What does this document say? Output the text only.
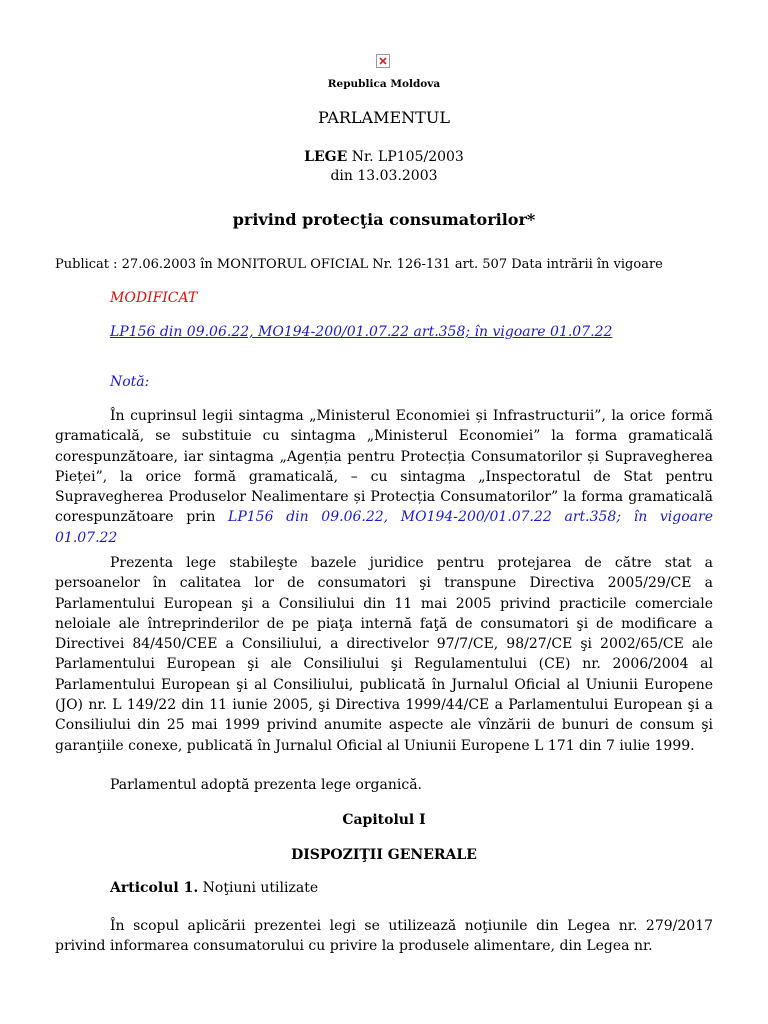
Republica Moldova
PARLAMENTUL
LEGE Nr. LP105/2003
din 13.03.2003
privind protecţia consumatorilor*
Publicat : 27.06.2003 în MONITORUL OFICIAL Nr. 126-131 art. 507 Data intrării în vigoare
MODIFICAT
LP156 din 09.06.22, MO194-200/01.07.22 art.358; în vigoare 01.07.22
Notă:
În cuprinsul legii sintagma „Ministerul Economiei și Infrastructurii”, la orice formă gramaticală, se substituie cu sintagma „Ministerul Economiei” la forma gramaticală corespunzătoare, iar sintagma „Agenția pentru Protecția Consumatorilor și Supravegherea Pieței”, la orice formă gramaticală, – cu sintagma „Inspectoratul de Stat pentru Supravegherea Produselor Nealimentare și Protecția Consumatorilor” la forma gramaticală corespunzătoare prin LP156 din 09.06.22, MO194-200/01.07.22 art.358; în vigoare 01.07.22
Prezenta lege stabileşte bazele juridice pentru protejarea de către stat a persoanelor în calitatea lor de consumatori şi transpune Directiva 2005/29/CE a Parlamentului European şi a Consiliului din 11 mai 2005 privind practicile comerciale neloiale ale întreprinderilor de pe piaţa internă faţă de consumatori şi de modificare a Directivei 84/450/CEE a Consiliului, a directivelor 97/7/CE, 98/27/CE şi 2002/65/CE ale Parlamentului European şi ale Consiliului şi Regulamentului (CE) nr. 2006/2004 al Parlamentului European şi al Consiliului, publicată în Jurnalul Oficial al Uniunii Europene (JO) nr. L 149/22 din 11 iunie 2005, şi Directiva 1999/44/CE a Parlamentului European şi a Consiliului din 25 mai 1999 privind anumite aspecte ale vînzării de bunuri de consum şi garanţiile conexe, publicată în Jurnalul Oficial al Uniunii Europene L 171 din 7 iulie 1999.
Parlamentul adoptă prezenta lege organică.
Capitolul I
DISPOZIŢII GENERALE
Articolul 1. Noţiuni utilizate
În scopul aplicării prezentei legi se utilizează noţiunile din Legea nr. 279/2017 privind informarea consumatorului cu privire la produsele alimentare, din Legea nr.
